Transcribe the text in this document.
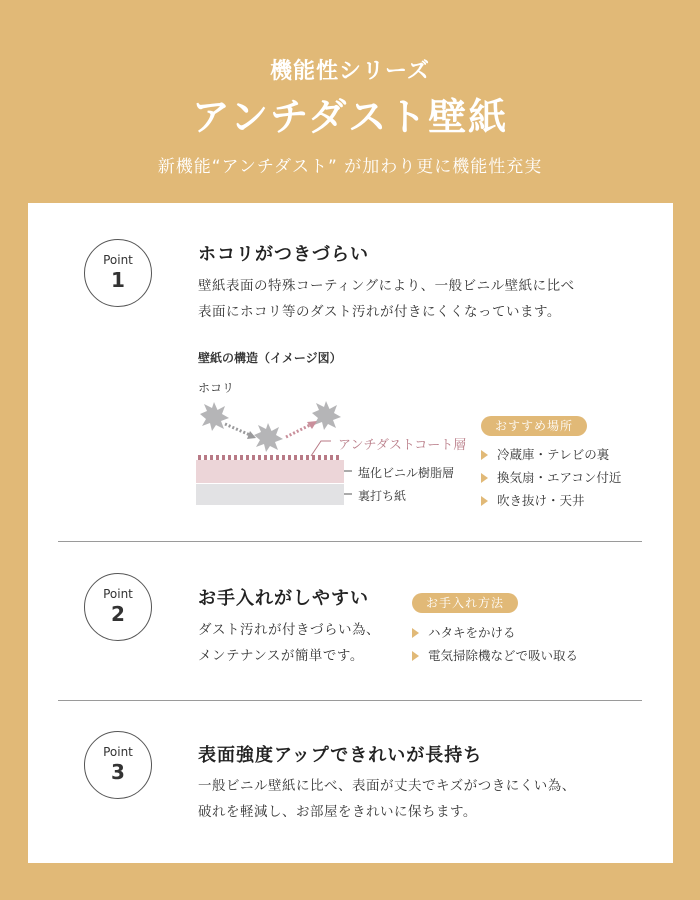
機能性シリーズ
アンチダスト壁紙
新機能“アンチダスト” が加わり更に機能性充実
Point
1
ホコリがつきづらい
壁紙表面の特殊コーティングにより、一般ビニル壁紙に比べ
表面にホコリ等のダスト汚れが付きにくくなっています。
壁紙の構造（イメージ図）
ホコリ
アンチダストコート層
塩化ビニル樹脂層
裏打ち紙
おすすめ場所
冷蔵庫・テレビの裏
換気扇・エアコン付近
吹き抜け・天井
Point
2
お手入れがしやすい
ダスト汚れが付きづらい為、
メンテナンスが簡単です。
お手入れ方法
ハタキをかける
電気掃除機などで吸い取る
Point
3
表面強度アップできれいが長持ち
一般ビニル壁紙に比べ、表面が丈夫でキズがつきにくい為、
破れを軽減し、お部屋をきれいに保ちます。
